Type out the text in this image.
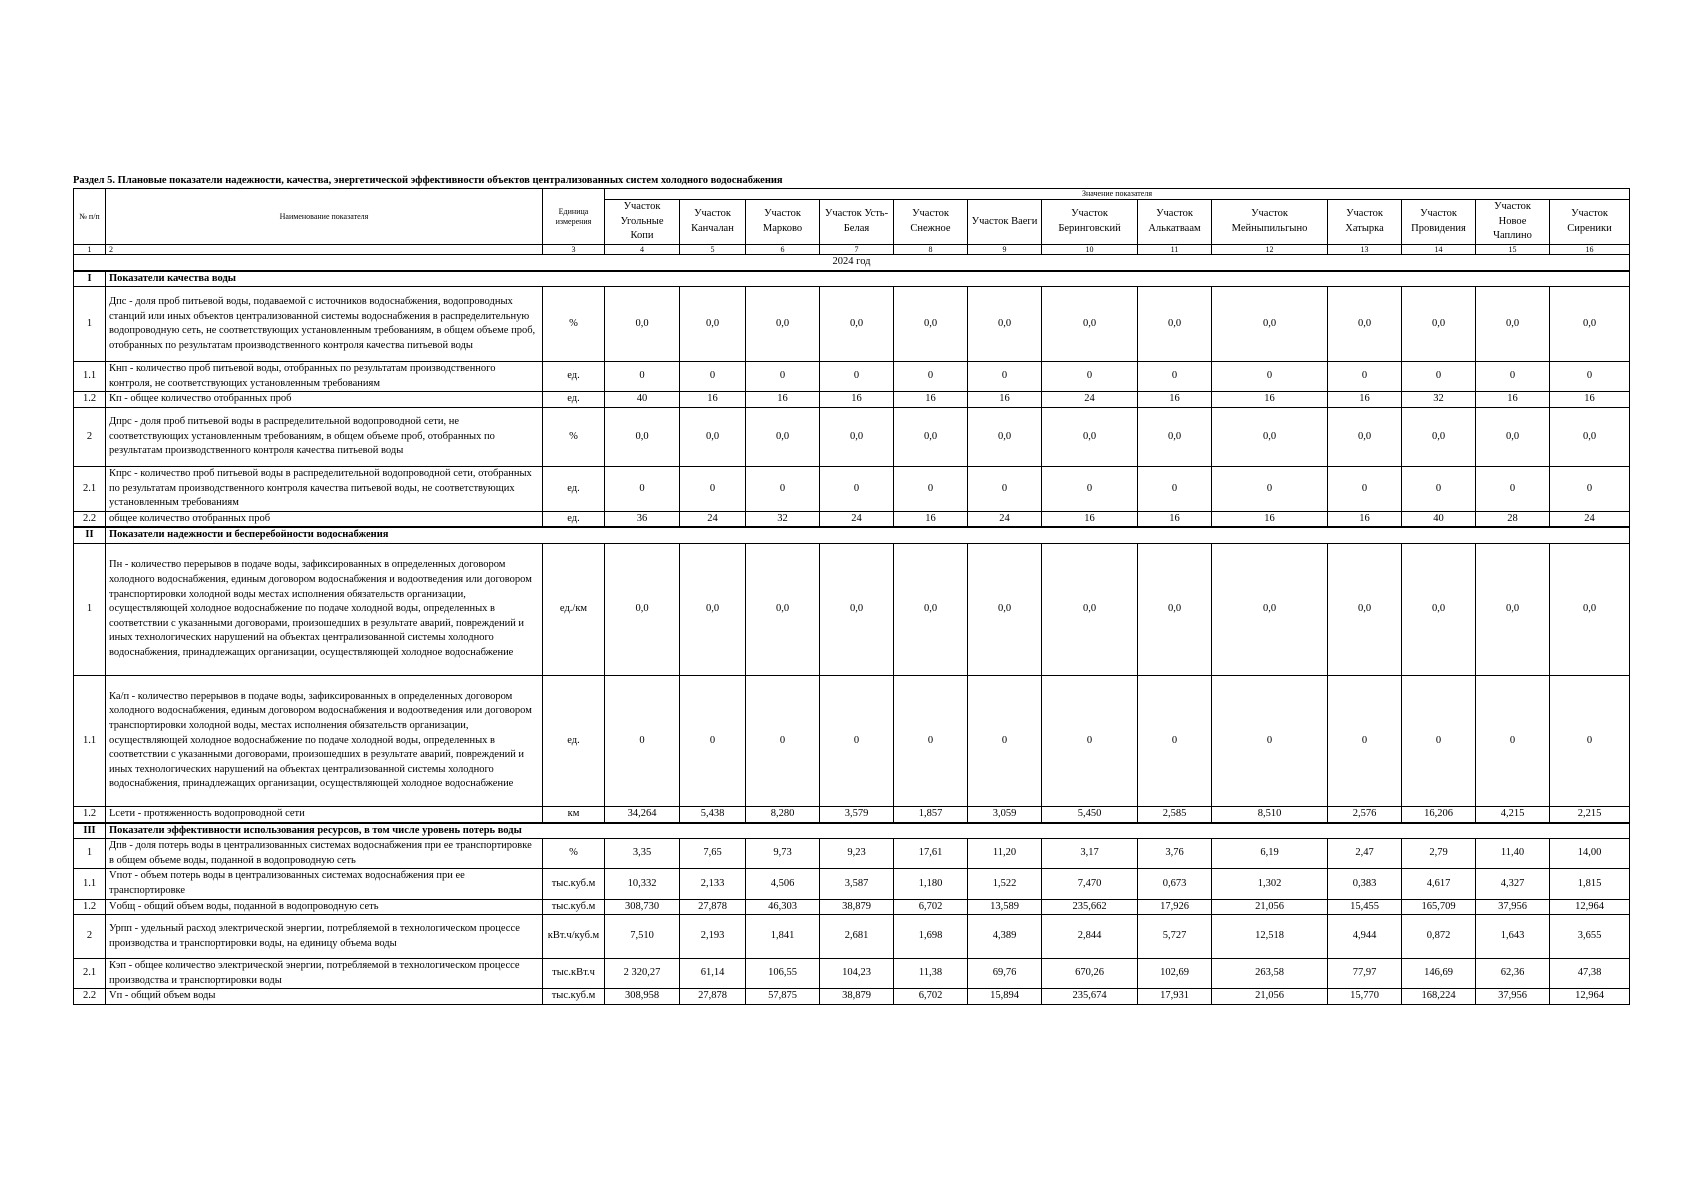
Раздел 5. Плановые показатели надежности, качества, энергетической эффективности объектов централизованных систем холодного водоснабжения
№ п/п	Наименование показателя	Единица измерения	Значение показателя												
			Участок Угольные Копи	Участок Канчалан	Участок Марково	Участок Усть-Белая	Участок Снежное	Участок Ваеги	Участок Беринговский	Участок Алькатваам	Участок Мейныпильгыно	Участок Хатырка	Участок Провидения	Участок Новое Чаплино	Участок Сиреники
1	2	3	4	5	6	7	8	9	10	11	12	13	14	15	16
2024 год															
I	Показатели качества воды														
1	Дпс - доля проб питьевой воды, подаваемой с источников водоснабжения, водопроводных станций или иных объектов централизованной системы водоснабжения в распределительную водопроводную сеть, не соответствующих установленным требованиям, в общем объеме проб, отобранных по результатам производственного контроля качества питьевой воды	%	0,0	0,0	0,0	0,0	0,0	0,0	0,0	0,0	0,0	0,0	0,0	0,0	0,0
1.1	Кнп - количество проб питьевой воды, отобранных по результатам производственного контроля, не соответствующих установленным требованиям	ед.	0	0	0	0	0	0	0	0	0	0	0	0	0
1.2	Кп - общее количество отобранных проб	ед.	40	16	16	16	16	16	24	16	16	16	32	16	16
2	Дпрс - доля проб питьевой воды в распределительной водопроводной сети, не соответствующих установленным требованиям, в общем объеме проб, отобранных по результатам производственного контроля качества питьевой воды	%	0,0	0,0	0,0	0,0	0,0	0,0	0,0	0,0	0,0	0,0	0,0	0,0	0,0
2.1	Кпрс - количество проб питьевой воды в распределительной водопроводной сети, отобранных по результатам производственного контроля качества питьевой воды, не соответствующих установленным требованиям	ед.	0	0	0	0	0	0	0	0	0	0	0	0	0
2.2	общее количество отобранных проб	ед.	36	24	32	24	16	24	16	16	16	16	40	28	24
II	Показатели надежности и бесперебойности водоснабжения														
1	Пн - количество перерывов в подаче воды, зафиксированных в определенных договором холодного водоснабжения, единым договором водоснабжения и водоотведения или договором транспортировки холодной воды местах исполнения обязательств организации, осуществляющей холодное водоснабжение по подаче холодной воды, определенных в соответствии с указанными договорами, произошедших в результате аварий, повреждений и иных технологических нарушений на объектах централизованной системы холодного водоснабжения, принадлежащих организации, осуществляющей холодное водоснабжение	ед./км	0,0	0,0	0,0	0,0	0,0	0,0	0,0	0,0	0,0	0,0	0,0	0,0	0,0
1.1	Ка/п - количество перерывов в подаче воды, зафиксированных в определенных договором холодного водоснабжения, единым договором водоснабжения и водоотведения или договором транспортировки холодной воды, местах исполнения обязательств организации, осуществляющей холодное водоснабжение по подаче холодной воды, определенных в соответствии с указанными договорами, произошедших в результате аварий, повреждений и иных технологических нарушений на объектах централизованной системы холодного водоснабжения, принадлежащих организации, осуществляющей холодное водоснабжение	ед.	0	0	0	0	0	0	0	0	0	0	0	0	0
1.2	Lсети - протяженность водопроводной сети	км	34,264	5,438	8,280	3,579	1,857	3,059	5,450	2,585	8,510	2,576	16,206	4,215	2,215
III	Показатели эффективности использования ресурсов, в том числе уровень потерь воды														
1	Дпв - доля потерь воды в централизованных системах водоснабжения при ее транспортировке в общем объеме воды, поданной в водопроводную сеть	%	3,35	7,65	9,73	9,23	17,61	11,20	3,17	3,76	6,19	2,47	2,79	11,40	14,00
1.1	Vпот - объем потерь воды в централизованных системах водоснабжения при ее транспортировке	тыс.куб.м	10,332	2,133	4,506	3,587	1,180	1,522	7,470	0,673	1,302	0,383	4,617	4,327	1,815
1.2	Vобщ - общий объем воды, поданной в водопроводную сеть	тыс.куб.м	308,730	27,878	46,303	38,879	6,702	13,589	235,662	17,926	21,056	15,455	165,709	37,956	12,964
2	Урпп - удельный расход электрической энергии, потребляемой в технологическом процессе производства и транспортировки воды, на единицу объема воды	кВт.ч/куб.м	7,510	2,193	1,841	2,681	1,698	4,389	2,844	5,727	12,518	4,944	0,872	1,643	3,655
2.1	Кэп - общее количество электрической энергии, потребляемой в технологическом процессе производства и транспортировки воды	тыс.кВт.ч	2 320,27	61,14	106,55	104,23	11,38	69,76	670,26	102,69	263,58	77,97	146,69	62,36	47,38
2.2	Vп - общий объем воды	тыс.куб.м	308,958	27,878	57,875	38,879	6,702	15,894	235,674	17,931	21,056	15,770	168,224	37,956	12,964
